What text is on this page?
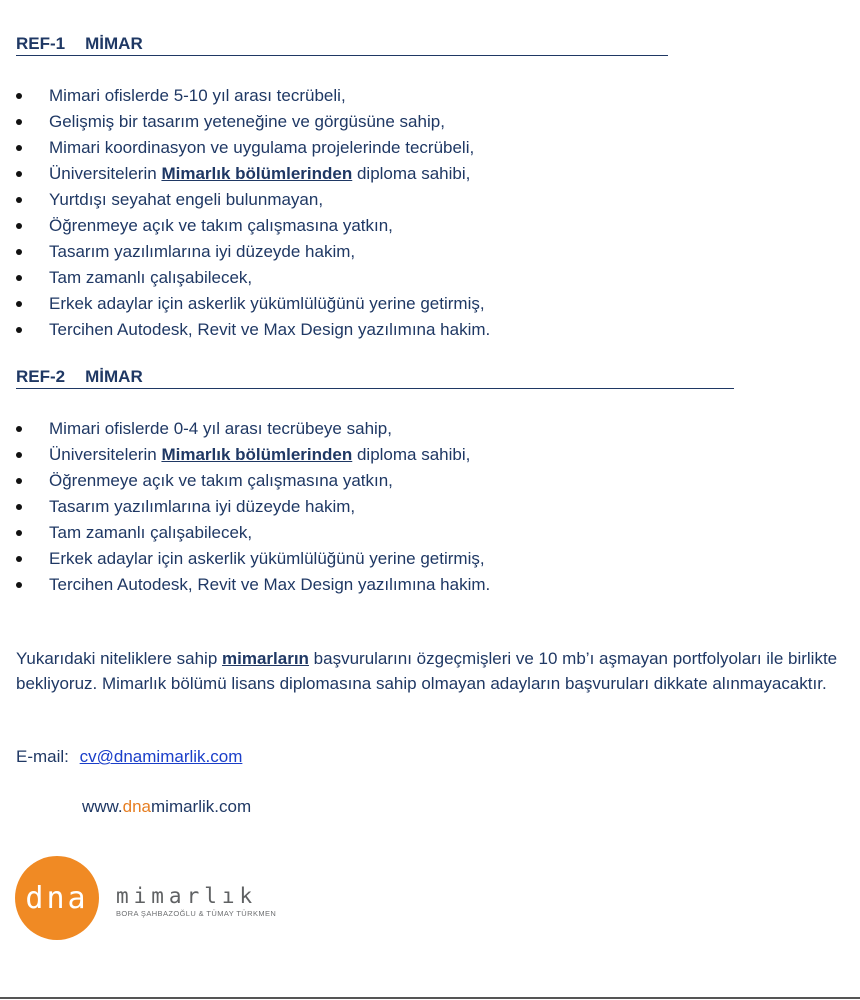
REF-1 MİMAR
Mimari ofislerde 5-10 yıl arası tecrübeli,
Gelişmiş bir tasarım yeteneğine ve görgüsüne sahip,
Mimari koordinasyon ve uygulama projelerinde tecrübeli,
Üniversitelerin Mimarlık bölümlerinden diploma sahibi,
Yurtdışı seyahat engeli bulunmayan,
Öğrenmeye açık ve takım çalışmasına yatkın,
Tasarım yazılımlarına iyi düzeyde hakim,
Tam zamanlı çalışabilecek,
Erkek adaylar için askerlik yükümlülüğünü yerine getirmiş,
Tercihen Autodesk, Revit ve Max Design yazılımına hakim.
REF-2 MİMAR
Mimari ofislerde 0-4 yıl arası tecrübeye sahip,
Üniversitelerin Mimarlık bölümlerinden diploma sahibi,
Öğrenmeye açık ve takım çalışmasına yatkın,
Tasarım yazılımlarına iyi düzeyde hakim,
Tam zamanlı çalışabilecek,
Erkek adaylar için askerlik yükümlülüğünü yerine getirmiş,
Tercihen Autodesk, Revit ve Max Design yazılımına hakim.
Yukarıdaki niteliklere sahip mimarların başvurularını özgeçmişleri ve 10 mb’ı aşmayan portfolyoları ile birlikte bekliyoruz. Mimarlık bölümü lisans diplomasına sahip olmayan adayların başvuruları dikkate alınmayacaktır.
E-mail: cv@dnamimarlik.com
www.dnamimarlik.com
dna mimarlık
BORA ŞAHBAZOĞLU & TÜMAY TÜRKMEN
